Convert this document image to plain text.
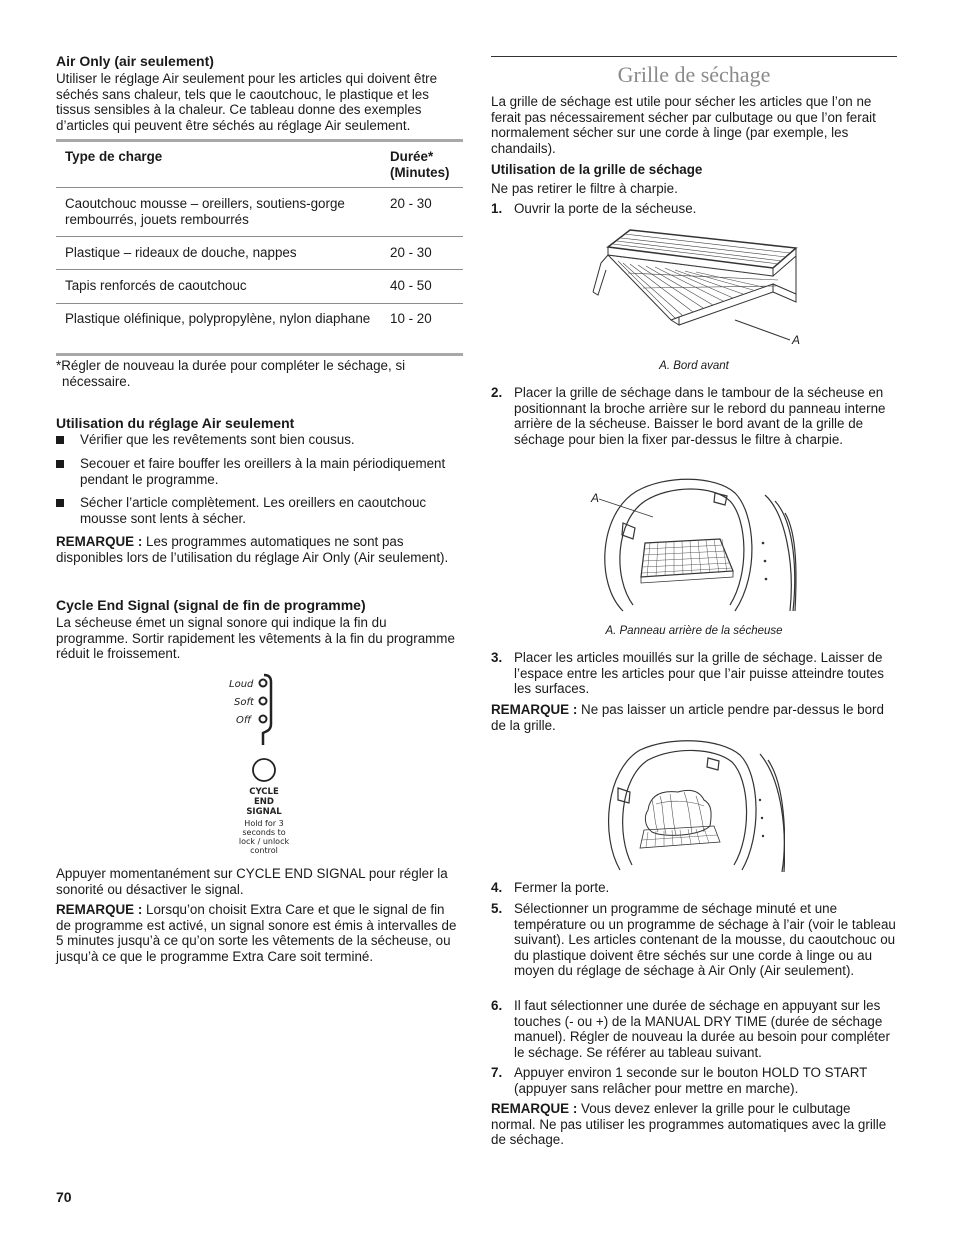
Air Only (air seulement)

Utiliser le réglage Air seulement pour les articles qui doivent être séchés sans chaleur, tels que le caoutchouc, le plastique et les tissus sensibles à la chaleur. Ce tableau donne des exemples d’articles qui peuvent être séchés au réglage Air seulement.

Type de charge	Durée* (Minutes)
Caoutchouc mousse – oreillers, soutiens-gorge rembourrés, jouets rembourrés	20 - 30
Plastique – rideaux de douche, nappes	20 - 30
Tapis renforcés de caoutchouc	40 - 50
Plastique oléfinique, polypropylène, nylon diaphane	10 - 20

*Régler de nouveau la durée pour compléter le séchage, si nécessaire.

Utilisation du réglage Air seulement
Vérifier que les revêtements sont bien cousus.
Secouer et faire bouffer les oreillers à la main périodiquement pendant le programme.
Sécher l’article complètement. Les oreillers en caoutchouc mousse sont lents à sécher.

REMARQUE : Les programmes automatiques ne sont pas disponibles lors de l’utilisation du réglage Air Only (Air seulement).

Cycle End Signal (signal de fin de programme)

La sécheuse émet un signal sonore qui indique la fin du programme. Sortir rapidement les vêtements à la fin du programme réduit le froissement.

Loud
Soft
Off
CYCLE
END
SIGNAL
Hold for 3
seconds to
lock / unlock
control

Appuyer momentanément sur CYCLE END SIGNAL pour régler la sonorité ou désactiver le signal.

REMARQUE : Lorsqu’on choisit Extra Care et que le signal de fin de programme est activé, un signal sonore est émis à intervalles de 5 minutes jusqu’à ce qu’on sorte les vêtements de la sécheuse, ou jusqu’à ce que le programme Extra Care soit terminé.

70
Grille de séchage

La grille de séchage est utile pour sécher les articles que l’on ne ferait pas nécessairement sécher par culbutage ou que l’on ferait normalement sécher sur une corde à linge (par exemple, les chandails).

Utilisation de la grille de séchage

Ne pas retirer le filtre à charpie.

1. Ouvrir la porte de la sécheuse.
A
A. Bord avant
2. Placer la grille de séchage dans le tambour de la sécheuse en positionnant la broche arrière sur le rebord du panneau interne arrière de la sécheuse. Baisser le bord avant de la grille de séchage pour bien la fixer par-dessus le filtre à charpie.
A
A. Panneau arrière de la sécheuse
3. Placer les articles mouillés sur la grille de séchage. Laisser de l’espace entre les articles pour que l’air puisse atteindre toutes les surfaces.

REMARQUE : Ne pas laisser un article pendre par-dessus le bord de la grille.

4. Fermer la porte.
5. Sélectionner un programme de séchage minuté et une température ou un programme de séchage à l’air (voir le tableau suivant). Les articles contenant de la mousse, du caoutchouc ou du plastique doivent être séchés sur une corde à linge ou au moyen du réglage de séchage à Air Only (Air seulement).
6. Il faut sélectionner une durée de séchage en appuyant sur les touches (- ou +) de la MANUAL DRY TIME (durée de séchage manuel). Régler de nouveau la durée au besoin pour compléter le séchage. Se référer au tableau suivant.
7. Appuyer environ 1 seconde sur le bouton HOLD TO START (appuyer sans relâcher pour mettre en marche).

REMARQUE : Vous devez enlever la grille pour le culbutage normal. Ne pas utiliser les programmes automatiques avec la grille de séchage.
